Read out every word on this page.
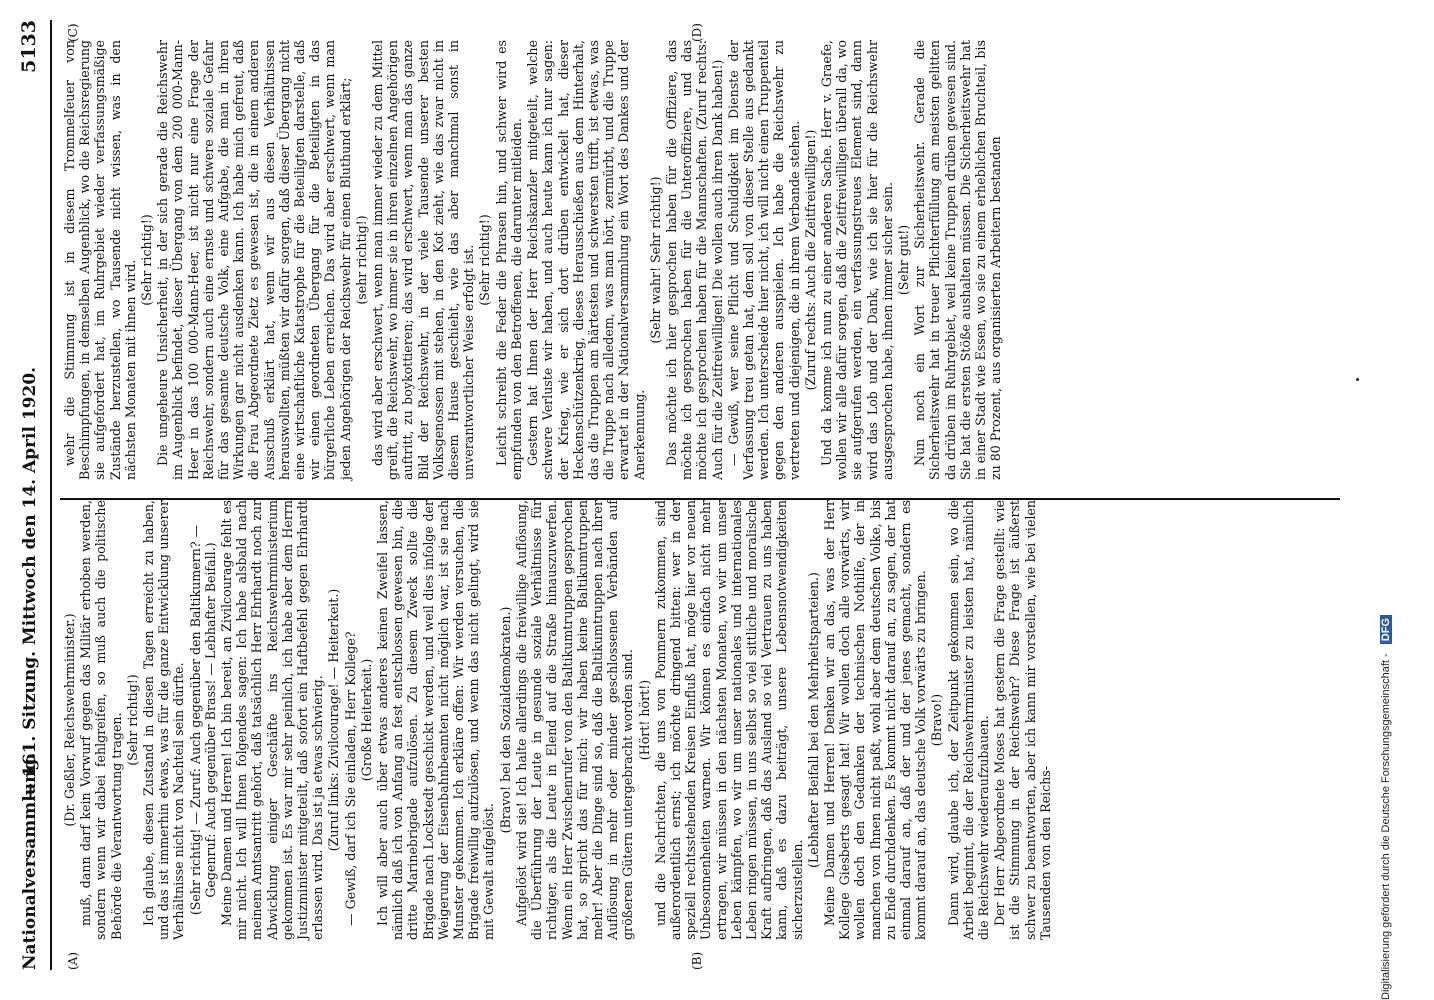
Nationalversammlung.
— 161. Sitzung. Mittwoch den 14. April 1920.
5133
(A)	(B)
(C)	(D)

(Dr. Geßler, Reichswehrminister.) muß, dann darf kein Vorwurf gegen das Militär erhoben werden, sondern wenn wir dabei fehlgreifen, so muß auch die politische Behörde die Verantwortung tragen. (Sehr richtig!) Ich glaube, diesen Zustand in diesen Tagen erreicht zu haben, und das ist immerhin etwas, was für die ganze Entwicklung unserer Verhältnisse nicht von Nachteil sein dürfte. (Sehr richtig! — Zuruf: Auch gegenüber den Baltikumern? — Gegenruf: Auch gegenüber Brass! — Lebhafter Beifall.) Meine Damen und Herren! Ich bin bereit, an Zivilcourage fehlt es mir nicht. Ich will Ihnen folgendes sagen: Ich habe alsbald nach meinem Amtsantritt gehört, daß tatsächlich Herr Ehrhardt noch zur Abwicklung einiger Geschäfte ins Reichswehrministerium gekommen ist. Es war mir sehr peinlich, ich habe aber dem Herrn Justizminister mitgeteilt, daß sofort ein Haftbefehl gegen Ehrhardt erlassen wird. Das ist ja etwas schwierig. (Zuruf links: Zivilcourage! — Heiterkeit.) — Gewiß, darf ich Sie einladen, Herr Kollege? (Große Heiterkeit.) Ich will aber auch über etwas anderes keinen Zweifel lassen, nämlich daß ich von Anfang an fest entschlossen gewesen bin, die dritte Marinebrigade aufzulösen. Zu diesem Zweck sollte die Brigade nach Lockstedt geschickt werden, und weil dies infolge der Weigerung der Eisenbahnbeamten nicht möglich war, ist sie nach Munster gekommen. Ich erkläre offen: Wir werden versuchen, die Brigade freiwillig aufzulösen, und wenn das nicht gelingt, wird sie mit Gewalt aufgelöst.

(Bravo! bei den Sozialdemokraten.) Aufgelöst wird sie! Ich halte allerdings die freiwillige Auflösung, die Überführung der Leute in gesunde soziale Verhältnisse für richtiger, als die Leute in Elend auf die Straße hinauszuwerfen. Wenn ein Herr Zwischenrufer von den Baltikumtruppen gesprochen hat, so spricht das für mich: wir haben keine Baltikumtruppen mehr! Aber die Dinge sind so, daß die Baltikumtruppen nach ihrer Auflösung in mehr oder minder geschlossenen Verbänden auf größeren Gütern untergebracht worden sind. (Hört! hört!) und die Nachrichten, die uns von Pommern zukommen, sind außerordentlich ernst; ich möchte dringend bitten: wer in der speziell rechtsstehenden Kreisen Einfluß hat, möge hier vor neuen Unbesonnenheiten warnen. Wir können es einfach nicht mehr ertragen, wir müssen in den nächsten Monaten, wo wir um unser Leben kämpfen, wo wir um unser nationales und internationales Leben ringen müssen, in uns selbst so viel sittliche und moralische Kraft aufbringen, daß das Ausland so viel Vertrauen zu uns haben kann, daß es dazu beiträgt, unsere Lebensnotwendigkeiten sicherzustellen.

(Lebhafter Beifall bei den Mehrheitsparteien.) Meine Damen und Herren! Denken wir an das, was der Herr Kollege Giesberts gesagt hat! Wir wollen doch alle vorwärts, wir wollen doch den Gedanken der technischen Nothilfe, der in manchen von Ihnen nicht paßt, wohl aber dem deutschen Volke, bis zu Ende durchdenken. Es kommt nicht darauf an, zu sagen, der hat einmal darauf an, daß der und der jenes gemacht, sondern es kommt darauf an, das deutsche Volk vorwärts zu bringen. (Bravo!) Dann wird, glaube ich, der Zeitpunkt gekommen sein, wo die Arbeit beginnt, die der Reichswehrminister zu leisten hat, nämlich die Reichswehr wiederaufzubauen. Der Herr Abgeordnete Moses hat gestern die Frage gestellt: wie ist die Stimmung in der Reichswehr? Diese Frage ist äußerst schwer zu beantworten, aber ich kann mir vorstellen, wie bei vielen Tausenden von den Reichs-

wehr die Stimmung ist in diesem Trommelfeuer von Beschimpfungen, in demselben Augenblick, wo die Reichsregierung sie aufgefordert hat, im Ruhrgebiet wieder verfassungsmäßige Zustände herzustellen, wo Tausende nicht wissen, was in den nächsten Monaten mit ihnen wird. (Sehr richtig!) Die ungeheure Unsicherheit, in der sich gerade die Reichswehr im Augenblick befindet, dieser Übergang von dem 200 000-Mann-Heer in das 100 000-Mann-Heer, ist nicht nur eine Frage der Reichswehr, sondern auch eine ernste und schwere soziale Gefahr für das gesamte deutsche Volk, eine Aufgabe, die man in ihren Wirkungen gar nicht ausdenken kann. Ich habe mich gefreut, daß die Frau Abgeordnete Zietz es gewesen ist, die in einem anderen Ausschuß erklärt hat, wenn wir aus diesen Verhältnissen herauswollten, müßten wir dafür sorgen, daß dieser Übergang nicht eine wirtschaftliche Katastrophe für die Beteiligten darstelle, daß wir einen geordneten Übergang für die Beteiligten in das bürgerliche Leben erreichen. Das wird aber erschwert, wenn man jeden Angehörigen der Reichswehr für einen Bluthund erklärt; (sehr richtig!) das wird aber erschwert, wenn man immer wieder zu dem Mittel greift, die Reichswehr, wo immer sie in ihren einzelnen Angehörigen auftritt, zu boykottieren; das wird erschwert, wenn man das ganze Bild der Reichswehr, in der viele Tausende unserer besten Volksgenossen mit stehen, in den Kot zieht, wie das zwar nicht in diesem Hause geschieht, wie das aber manchmal sonst in unverantwortlicher Weise erfolgt ist. (Sehr richtig!) Leicht schreibt die Feder die Phrasen hin, und schwer wird es empfunden von den Betroffenen, die darunter mitleiden. Gestern hat Ihnen der Herr Reichskanzler mitgeteilt, welche schwere Verluste wir haben, und auch heute kann ich nur sagen: der Krieg, wie er sich dort drüben entwickelt hat, dieser Heckenschützenkrieg, dieses Herausschießen aus dem Hinterhalt, das die Truppen am härtesten und schwersten trifft, ist etwas, was die Truppe nach alledem, was man hört, zermürbt, und die Truppe erwartet in der Nationalversammlung ein Wort des Dankes und der Anerkennung.

(Sehr wahr! Sehr richtig!) Das möchte ich hier gesprochen haben für die Offiziere, das möchte ich gesprochen haben für die Unteroffiziere, und das möchte ich gesprochen haben für die Mannschaften. (Zuruf rechts: Auch für die Zeitfreiwilligen! Die wollen auch ihren Dank haben!) — Gewiß, wer seine Pflicht und Schuldigkeit im Dienste der Verfassung treu getan hat, dem soll von dieser Stelle aus gedankt werden. Ich unterscheide hier nicht, ich will nicht einen Truppenteil gegen den anderen ausspielen. Ich habe die Reichswehr zu vertreten und diejenigen, die in ihrem Verbande stehen. (Zuruf rechts: Auch die Zeitfreiwilligen!) Und da komme ich nun zu einer anderen Sache. Herr v. Graefe, wollen wir alle dafür sorgen, daß die Zeitfreiwilligen überall da, wo sie aufgerufen werden, ein verfassungstreues Element sind, dann wird das Lob und der Dank, wie ich sie hier für die Reichswehr ausgesprochen habe, ihnen immer sicher sein. (Sehr gut!) Nun noch ein Wort zur Sicherheitswehr. Gerade die Sicherheitswehr hat in treuer Pflichterfüllung am meisten gelitten da drüben im Ruhrgebiet, weil keine Truppen drüben gewesen sind. Sie hat die ersten Stöße aushalten müssen. Die Sicherheitswehr hat in einer Stadt wie Essen, wo sie zu einem erheblichen Bruchteil, bis zu 80 Prozent, aus organisierten Arbeitern bestanden

Digitalisierung gefördert durch die Deutsche Forschungsgemeinschaft - DFG
